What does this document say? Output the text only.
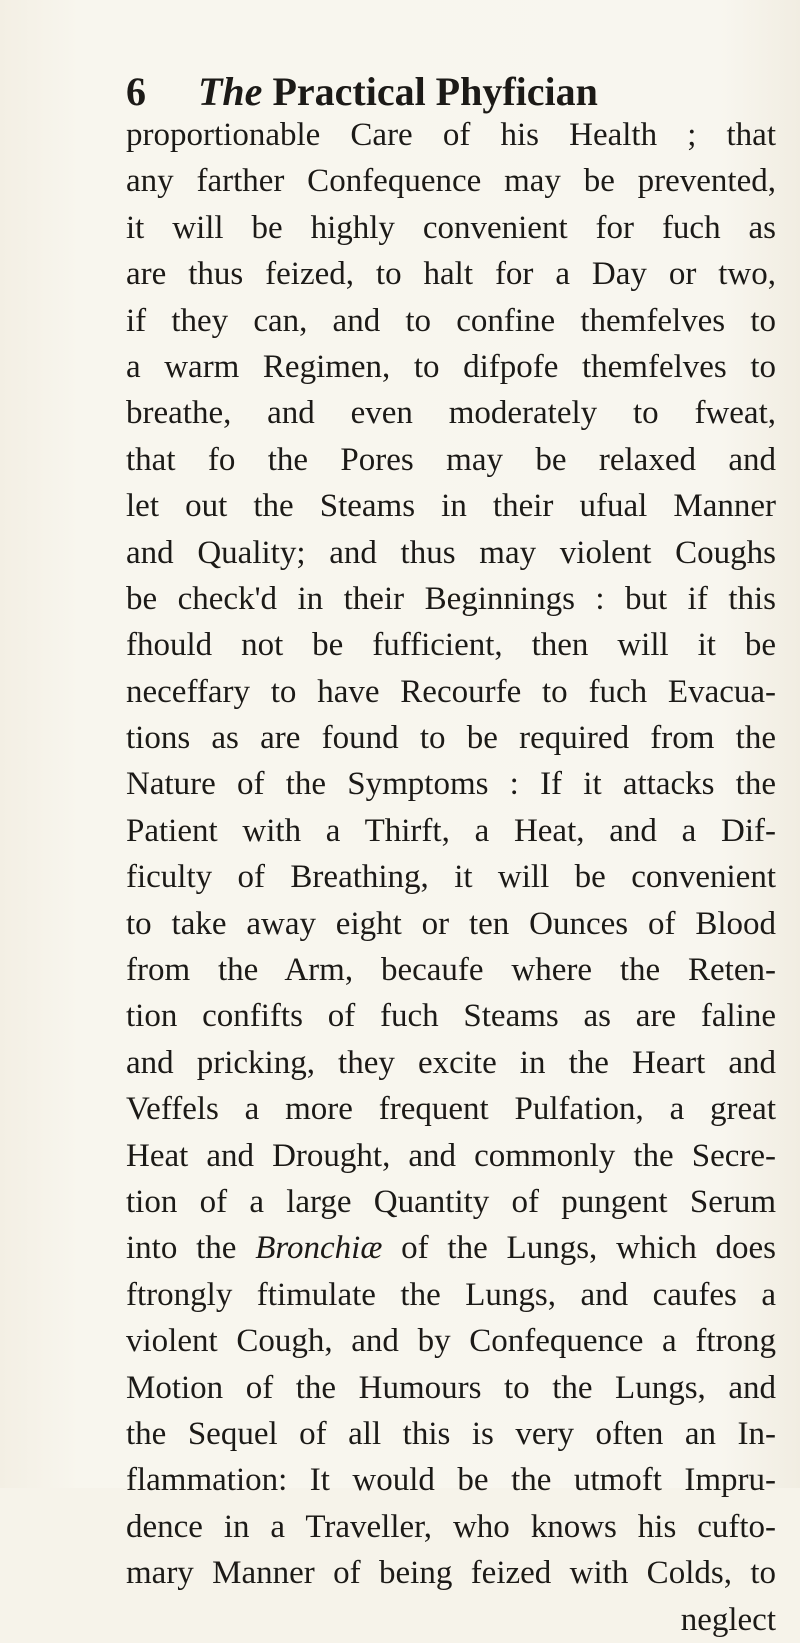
6 The Practical Phyfician
proportionable Care of his Health ; that
any farther Confequence may be prevented,
it will be highly convenient for fuch as
are thus feized, to halt for a Day or two,
if they can, and to confine themfelves to
a warm Regimen, to difpofe themfelves to
breathe, and even moderately to fweat,
that fo the Pores may be relaxed and
let out the Steams in their ufual Manner
and Quality; and thus may violent Coughs
be check'd in their Beginnings : but if this
fhould not be fufficient, then will it be
neceffary to have Recourfe to fuch Evacua-
tions as are found to be required from the
Nature of the Symptoms : If it attacks the
Patient with a Thirft, a Heat, and a Dif-
ficulty of Breathing, it will be convenient
to take away eight or ten Ounces of Blood
from the Arm, becaufe where the Reten-
tion confifts of fuch Steams as are faline
and pricking, they excite in the Heart and
Veffels a more frequent Pulfation, a great
Heat and Drought, and commonly the Secre-
tion of a large Quantity of pungent Serum
into the Bronchiæ of the Lungs, which does
ftrongly ftimulate the Lungs, and caufes a
violent Cough, and by Confequence a ftrong
Motion of the Humours to the Lungs, and
the Sequel of all this is very often an In-
flammation: It would be the utmoft Impru-
dence in a Traveller, who knows his cufto-
mary Manner of being feized with Colds, to
neglect
